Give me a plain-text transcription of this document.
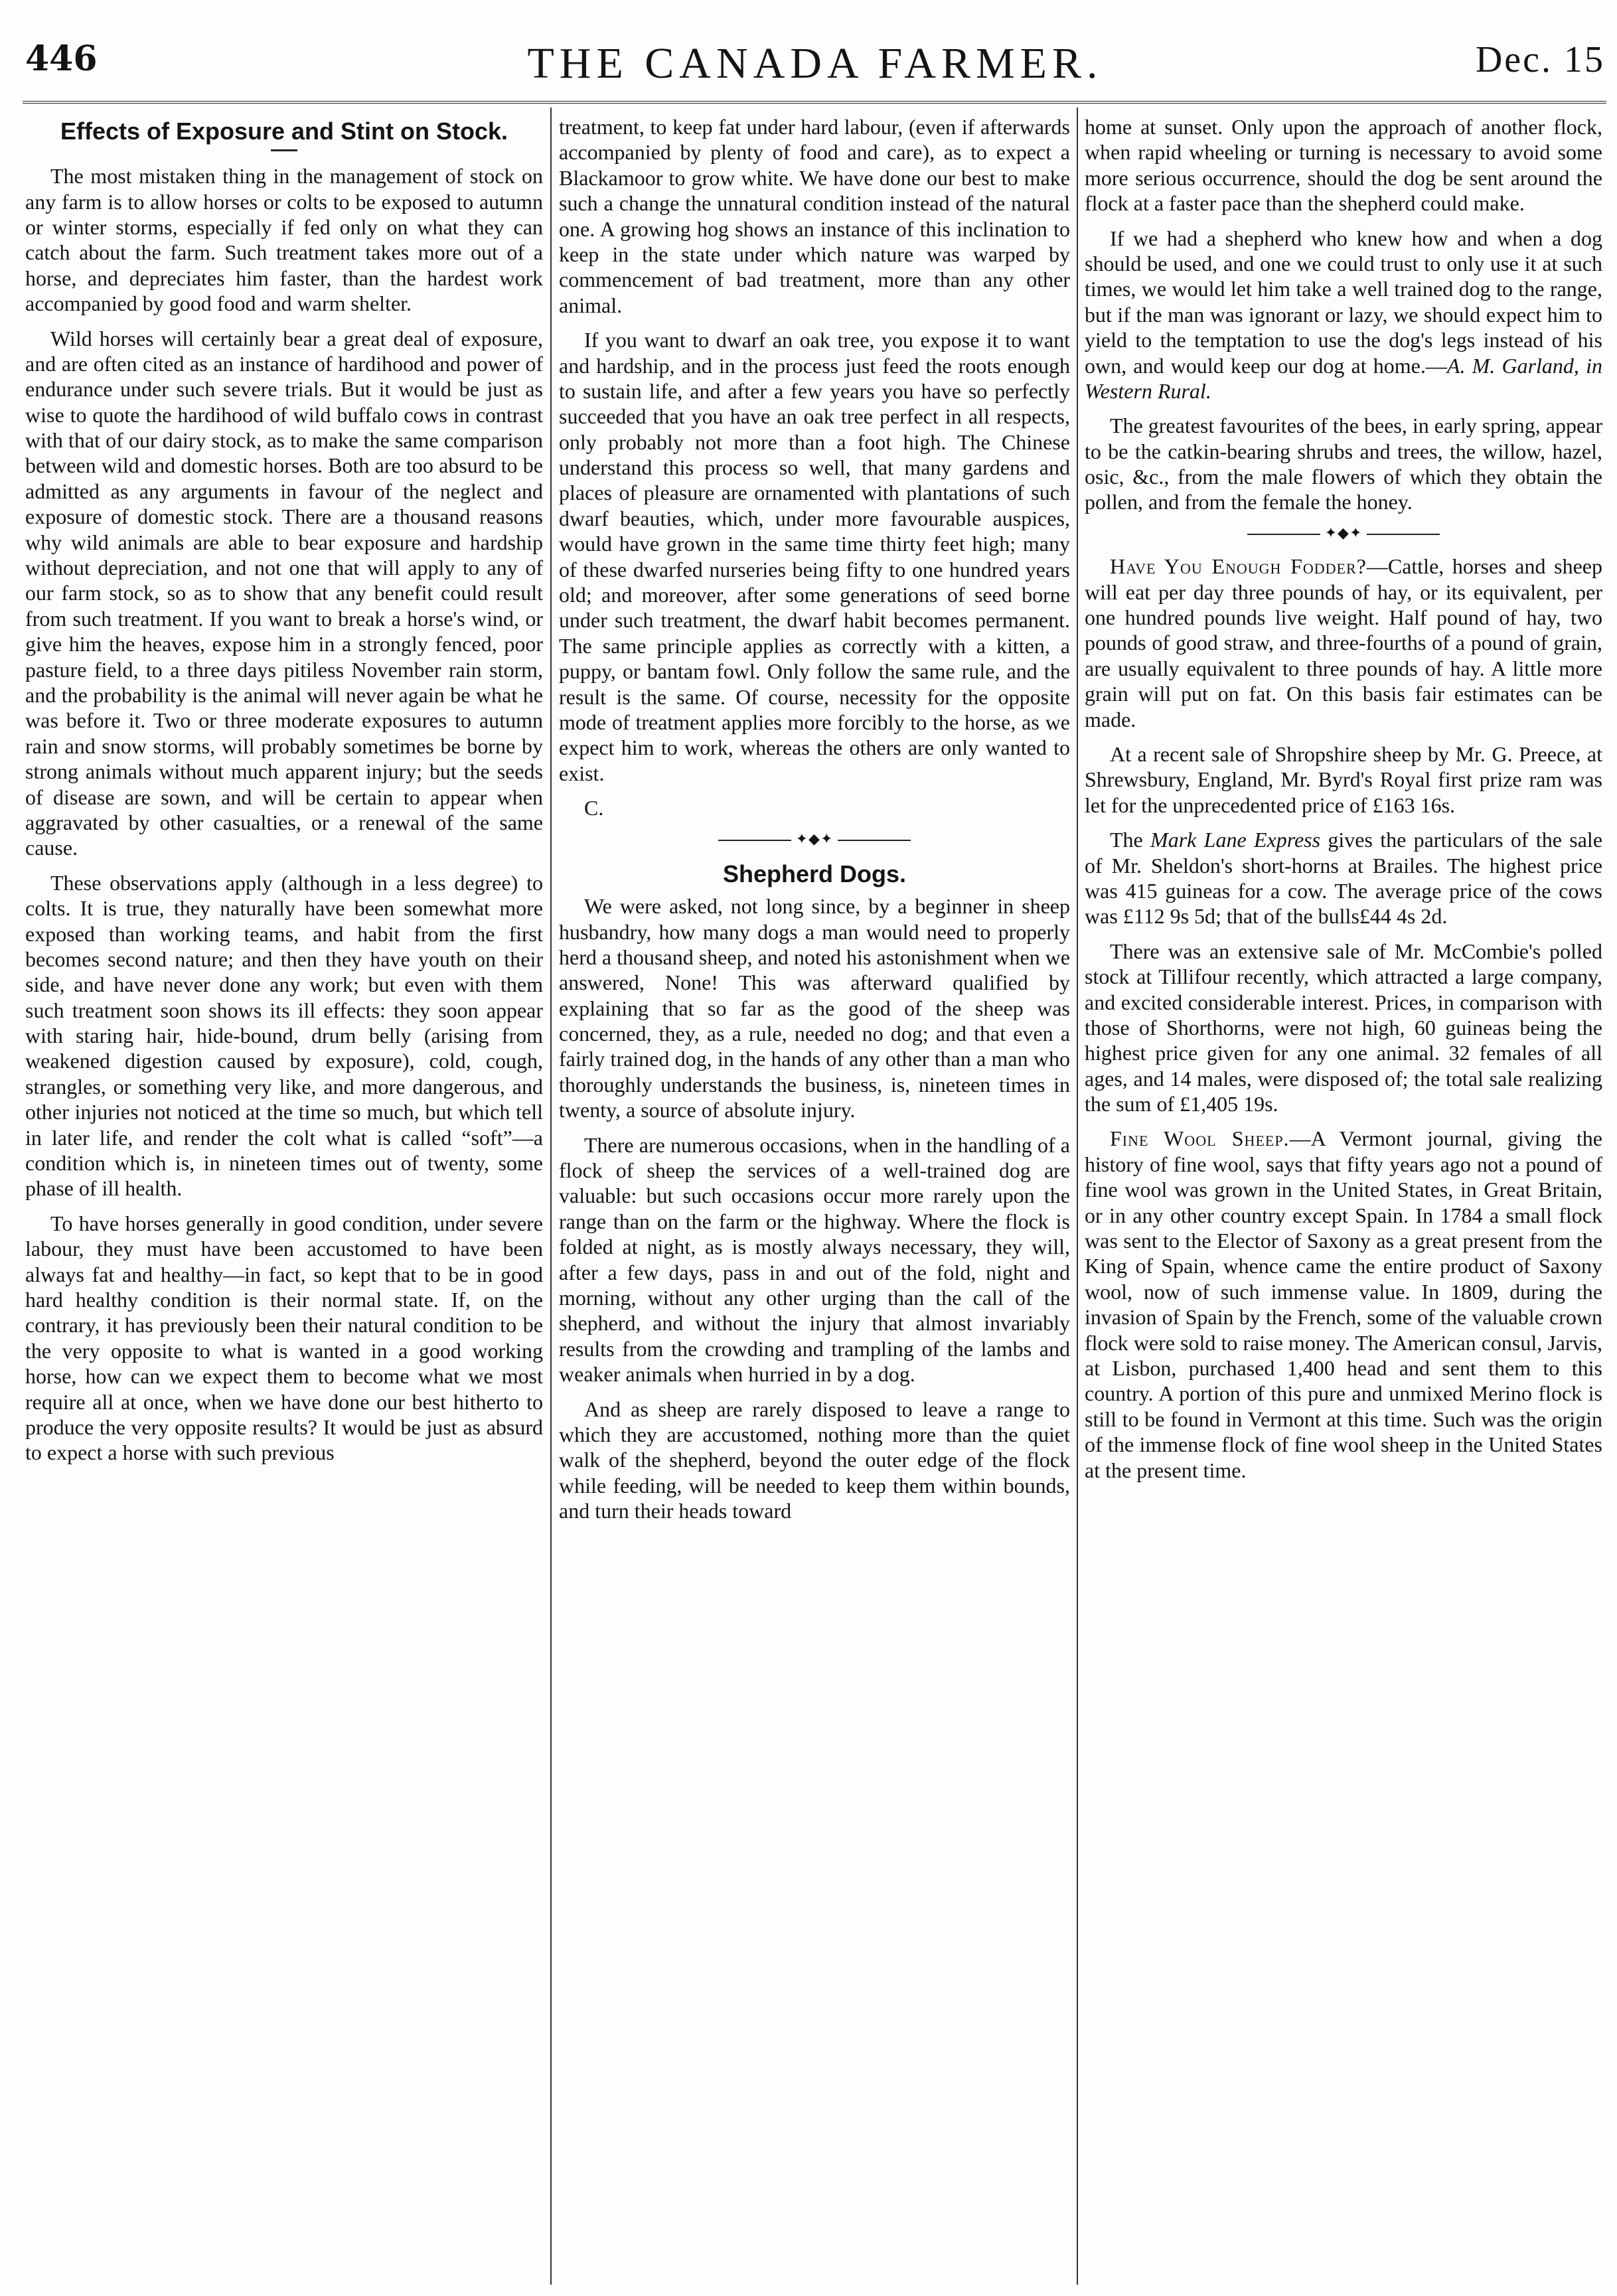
446	THE CANADA FARMER.	Dec. 15
Effects of Exposure and Stint on Stock.

The most mistaken thing in the management of stock on any farm is to allow horses or colts to be exposed to autumn or winter storms, especially if fed only on what they can catch about the farm. Such treatment takes more out of a horse, and depreciates him faster, than the hardest work accompanied by good food and warm shelter.

Wild horses will certainly bear a great deal of exposure, and are often cited as an instance of hardihood and power of endurance under such severe trials. But it would be just as wise to quote the hardihood of wild buffalo cows in contrast with that of our dairy stock, as to make the same comparison between wild and domestic horses. Both are too absurd to be admitted as any arguments in favour of the neglect and exposure of domestic stock. There are a thousand reasons why wild animals are able to bear exposure and hardship without depreciation, and not one that will apply to any of our farm stock, so as to show that any benefit could result from such treatment. If you want to break a horse's wind, or give him the heaves, expose him in a strongly fenced, poor pasture field, to a three days pitiless November rain storm, and the probability is the animal will never again be what he was before it. Two or three moderate exposures to autumn rain and snow storms, will probably sometimes be borne by strong animals without much apparent injury; but the seeds of disease are sown, and will be certain to appear when aggravated by other casualties, or a renewal of the same cause.

These observations apply (although in a less degree) to colts. It is true, they naturally have been somewhat more exposed than working teams, and habit from the first becomes second nature; and then they have youth on their side, and have never done any work; but even with them such treatment soon shows its ill effects: they soon appear with staring hair, hide-bound, drum belly (arising from weakened digestion caused by exposure), cold, cough, strangles, or something very like, and more dangerous, and other injuries not noticed at the time so much, but which tell in later life, and render the colt what is called “soft”—a condition which is, in nineteen times out of twenty, some phase of ill health.

To have horses generally in good condition, under severe labour, they must have been accustomed to have been always fat and healthy—in fact, so kept that to be in good hard healthy condition is their normal state. If, on the contrary, it has previously been their natural condition to be the very opposite to what is wanted in a good working horse, how can we expect them to become what we most require all at once, when we have done our best hitherto to produce the very opposite results? It would be just as absurd to expect a horse with such previous

treatment, to keep fat under hard labour, (even if afterwards accompanied by plenty of food and care), as to expect a Blackamoor to grow white. We have done our best to make such a change the unnatural condition instead of the natural one. A growing hog shows an instance of this inclination to keep in the state under which nature was warped by commencement of bad treatment, more than any other animal.

If you want to dwarf an oak tree, you expose it to want and hardship, and in the process just feed the roots enough to sustain life, and after a few years you have so perfectly succeeded that you have an oak tree perfect in all respects, only probably not more than a foot high. The Chinese understand this process so well, that many gardens and places of pleasure are ornamented with plantations of such dwarf beauties, which, under more favourable auspices, would have grown in the same time thirty feet high; many of these dwarfed nurseries being fifty to one hundred years old; and moreover, after some generations of seed borne under such treatment, the dwarf habit becomes permanent. The same principle applies as correctly with a kitten, a puppy, or bantam fowl. Only follow the same rule, and the result is the same. Of course, necessity for the opposite mode of treatment applies more forcibly to the horse, as we expect him to work, whereas the others are only wanted to exist.

C.

✦◆✦
Shepherd Dogs.

We were asked, not long since, by a beginner in sheep husbandry, how many dogs a man would need to properly herd a thousand sheep, and noted his astonishment when we answered, None! This was afterward qualified by explaining that so far as the good of the sheep was concerned, they, as a rule, needed no dog; and that even a fairly trained dog, in the hands of any other than a man who thoroughly understands the business, is, nineteen times in twenty, a source of absolute injury.

There are numerous occasions, when in the handling of a flock of sheep the services of a well-trained dog are valuable: but such occasions occur more rarely upon the range than on the farm or the highway. Where the flock is folded at night, as is mostly always necessary, they will, after a few days, pass in and out of the fold, night and morning, without any other urging than the call of the shepherd, and without the injury that almost invariably results from the crowding and trampling of the lambs and weaker animals when hurried in by a dog.

And as sheep are rarely disposed to leave a range to which they are accustomed, nothing more than the quiet walk of the shepherd, beyond the outer edge of the flock while feeding, will be needed to keep them within bounds, and turn their heads toward

home at sunset. Only upon the approach of another flock, when rapid wheeling or turning is necessary to avoid some more serious occurrence, should the dog be sent around the flock at a faster pace than the shepherd could make.

If we had a shepherd who knew how and when a dog should be used, and one we could trust to only use it at such times, we would let him take a well trained dog to the range, but if the man was ignorant or lazy, we should expect him to yield to the temptation to use the dog's legs instead of his own, and would keep our dog at home.—A. M. Garland, in Western Rural.

The greatest favourites of the bees, in early spring, appear to be the catkin-bearing shrubs and trees, the willow, hazel, osic, &c., from the male flowers of which they obtain the pollen, and from the female the honey.

✦◆✦

Have You Enough Fodder?—Cattle, horses and sheep will eat per day three pounds of hay, or its equivalent, per one hundred pounds live weight. Half pound of hay, two pounds of good straw, and three-fourths of a pound of grain, are usually equivalent to three pounds of hay. A little more grain will put on fat. On this basis fair estimates can be made.

At a recent sale of Shropshire sheep by Mr. G. Preece, at Shrewsbury, England, Mr. Byrd's Royal first prize ram was let for the unprecedented price of £163 16s.

The Mark Lane Express gives the particulars of the sale of Mr. Sheldon's short-horns at Brailes. The highest price was 415 guineas for a cow. The average price of the cows was £112 9s 5d; that of the bulls£44 4s 2d.

There was an extensive sale of Mr. McCombie's polled stock at Tillifour recently, which attracted a large company, and excited considerable interest. Prices, in comparison with those of Shorthorns, were not high, 60 guineas being the highest price given for any one animal. 32 females of all ages, and 14 males, were disposed of; the total sale realizing the sum of £1,405 19s.

Fine Wool Sheep.—A Vermont journal, giving the history of fine wool, says that fifty years ago not a pound of fine wool was grown in the United States, in Great Britain, or in any other country except Spain. In 1784 a small flock was sent to the Elector of Saxony as a great present from the King of Spain, whence came the entire product of Saxony wool, now of such immense value. In 1809, during the invasion of Spain by the French, some of the valuable crown flock were sold to raise money. The American consul, Jarvis, at Lisbon, purchased 1,400 head and sent them to this country. A portion of this pure and unmixed Merino flock is still to be found in Vermont at this time. Such was the origin of the immense flock of fine wool sheep in the United States at the present time.
